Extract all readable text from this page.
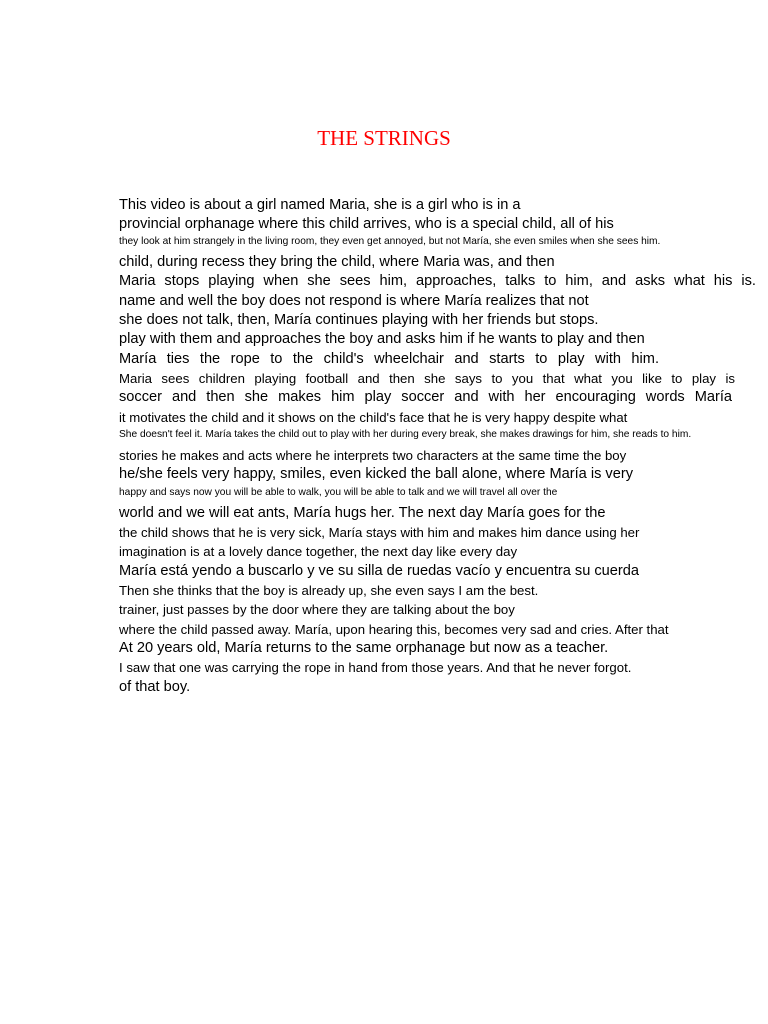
THE STRINGS

This video is about a girl named Maria, she is a girl who is in a

provincial orphanage where this child arrives, who is a special child, all of his

they look at him strangely in the living room, they even get annoyed, but not María, she even smiles when she sees him.

child, during recess they bring the child, where Maria was, and then

Maria stops playing when she sees him, approaches, talks to him, and asks what his is.

name and well the boy does not respond is where María realizes that not

she does not talk, then, María continues playing with her friends but stops.

play with them and approaches the boy and asks him if he wants to play and then

María ties the rope to the child's wheelchair and starts to play with him.

Maria sees children playing football and then she says to you that what you like to play is

soccer and then she makes him play soccer and with her encouraging words María

it motivates the child and it shows on the child's face that he is very happy despite what

She doesn't feel it. María takes the child out to play with her during every break, she makes drawings for him, she reads to him.

stories he makes and acts where he interprets two characters at the same time the boy

he/she feels very happy, smiles, even kicked the ball alone, where María is very

happy and says now you will be able to walk, you will be able to talk and we will travel all over the

world and we will eat ants, María hugs her. The next day María goes for the

the child shows that he is very sick, María stays with him and makes him dance using her

imagination is at a lovely dance together, the next day like every day

María está yendo a buscarlo y ve su silla de ruedas vacío y encuentra su cuerda

Then she thinks that the boy is already up, she even says I am the best.

trainer, just passes by the door where they are talking about the boy

where the child passed away. María, upon hearing this, becomes very sad and cries. After that

At 20 years old, María returns to the same orphanage but now as a teacher.

I saw that one was carrying the rope in hand from those years. And that he never forgot.

of that boy.
